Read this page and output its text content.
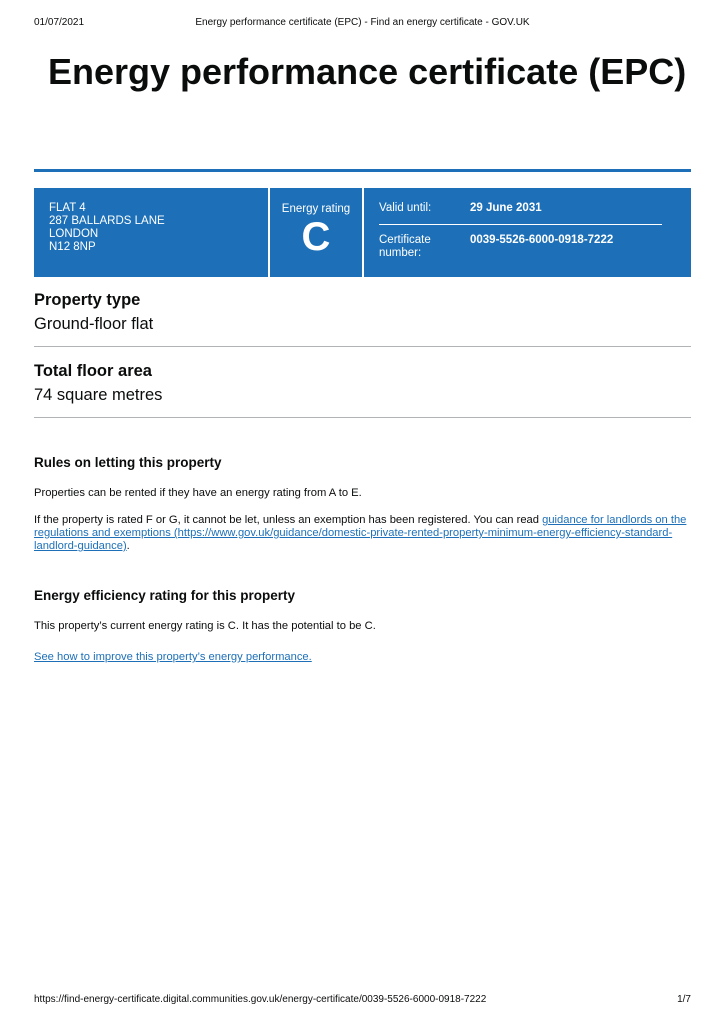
01/07/2021	Energy performance certificate (EPC) - Find an energy certificate - GOV.UK
Energy performance certificate (EPC)
FLAT 4
287 BALLARDS LANE
LONDON
N12 8NP
Energy rating
C
Valid until:	29 June 2031
Certificate
number:
0039-5526-6000-0918-7222
Property type
Ground-floor flat
Total floor area
74 square metres
Rules on letting this property

Properties can be rented if they have an energy rating from A to E.

If the property is rated F or G, it cannot be let, unless an exemption has been registered. You can read guidance for landlords on the regulations and exemptions (https://www.gov.uk/guidance/domestic-private-rented-property-minimum-energy-efficiency-standard-landlord-guidance).

Energy efficiency rating for this property

This property’s current energy rating is C. It has the potential to be C.

See how to improve this property’s energy performance.

https://find-energy-certificate.digital.communities.gov.uk/energy-certificate/0039-5526-6000-0918-7222	1/7
